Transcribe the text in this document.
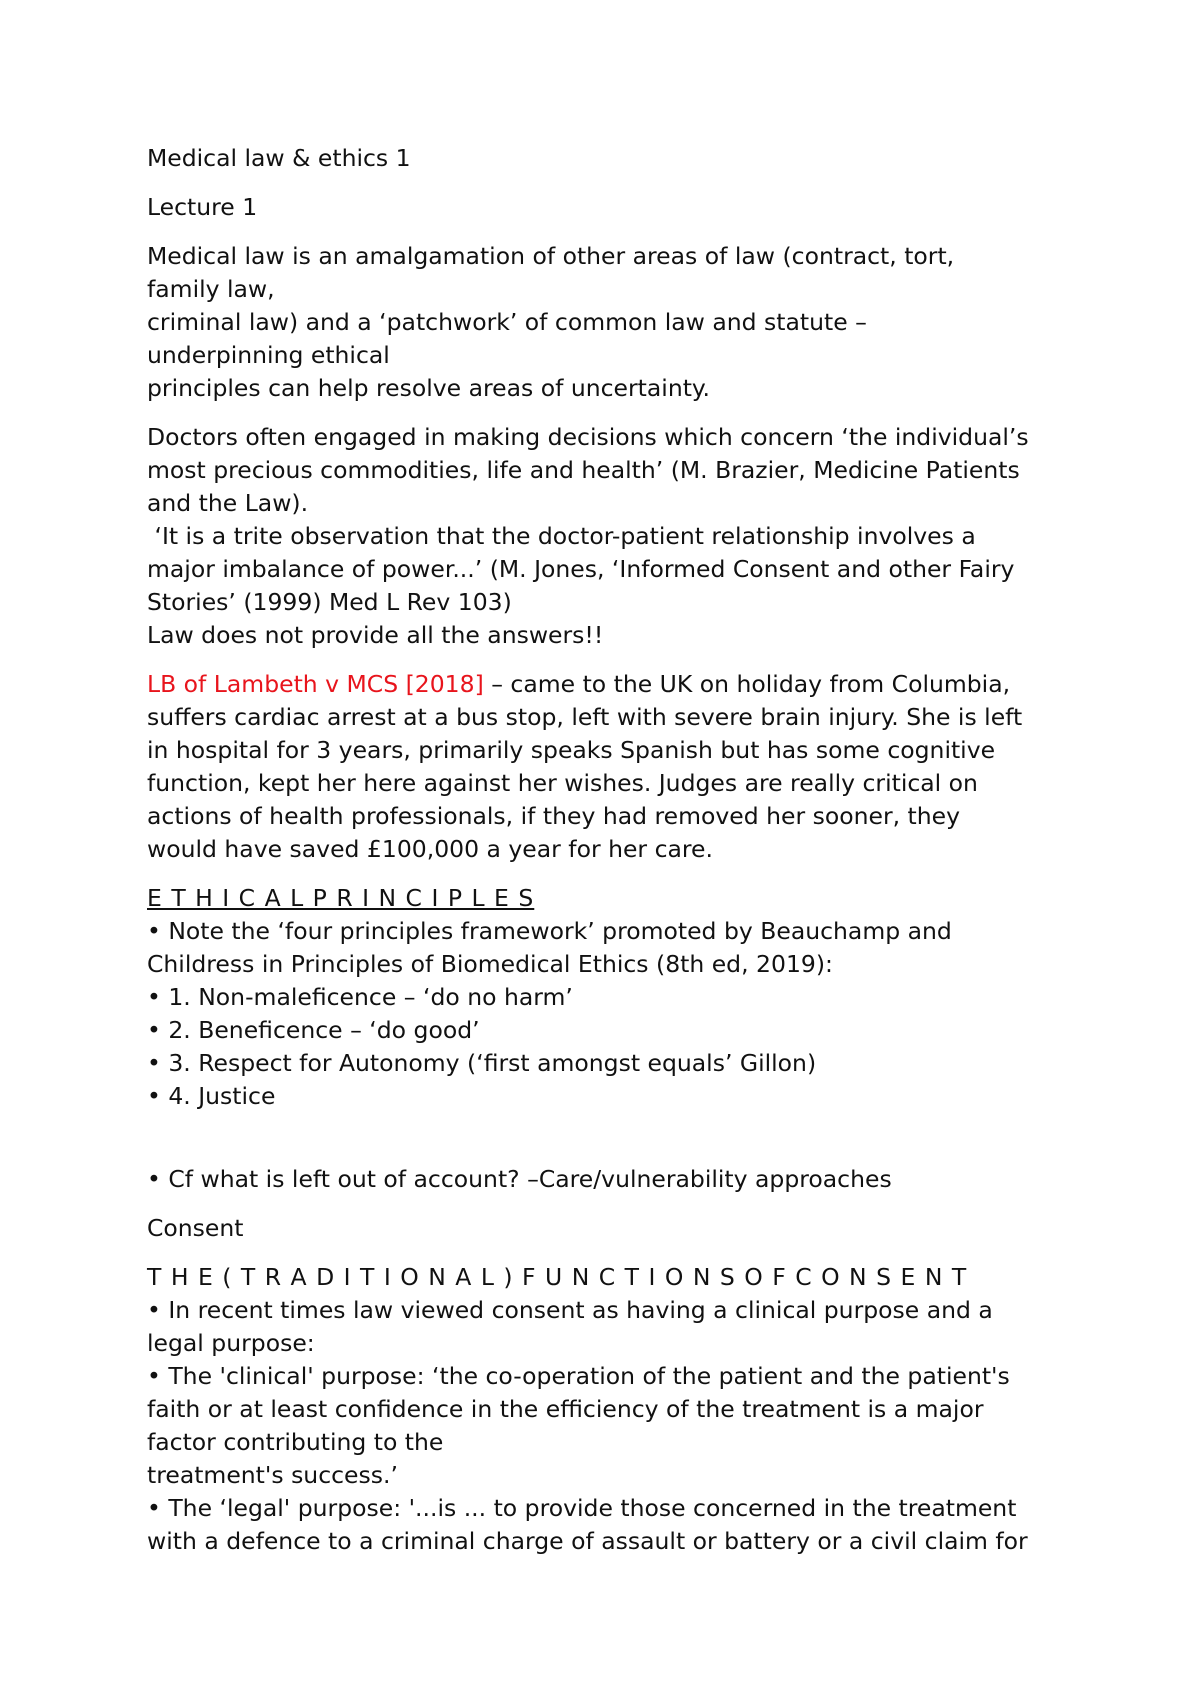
Medical law & ethics 1
Lecture 1
Medical law is an amalgamation of other areas of law (contract, tort,
family law,
criminal law) and a ‘patchwork’ of common law and statute –
underpinning ethical
principles can help resolve areas of uncertainty.
Doctors often engaged in making decisions which concern ‘the individual’s
most precious commodities, life and health’ (M. Brazier, Medicine Patients
and the Law).
‘It is a trite observation that the doctor-patient relationship involves a
major imbalance of power...’ (M. Jones, ‘Informed Consent and other Fairy
Stories’ (1999) Med L Rev 103)
Law does not provide all the answers!!
LB of Lambeth v MCS [2018] – came to the UK on holiday from Columbia,
suffers cardiac arrest at a bus stop, left with severe brain injury. She is left
in hospital for 3 years, primarily speaks Spanish but has some cognitive
function, kept her here against her wishes. Judges are really critical on
actions of health professionals, if they had removed her sooner, they
would have saved £100,000 a year for her care.
E T H I C A L P R I N C I P L E S
• Note the ‘four principles framework’ promoted by Beauchamp and
Childress in Principles of Biomedical Ethics (8th ed, 2019):
• 1. Non-maleficence – ‘do no harm’
• 2. Beneficence – ‘do good’
• 3. Respect for Autonomy (‘first amongst equals’ Gillon)
• 4. Justice
• Cf what is left out of account? –Care/vulnerability approaches
Consent
T H E ( T R A D I T I O N A L ) F U N C T I O N S O F C O N S E N T
• In recent times law viewed consent as having a clinical purpose and a
legal purpose:
• The 'clinical' purpose: ‘the co-operation of the patient and the patient's
faith or at least confidence in the efficiency of the treatment is a major
factor contributing to the
treatment's success.’
• The ‘legal' purpose: '...is ... to provide those concerned in the treatment
with a defence to a criminal charge of assault or battery or a civil claim for
